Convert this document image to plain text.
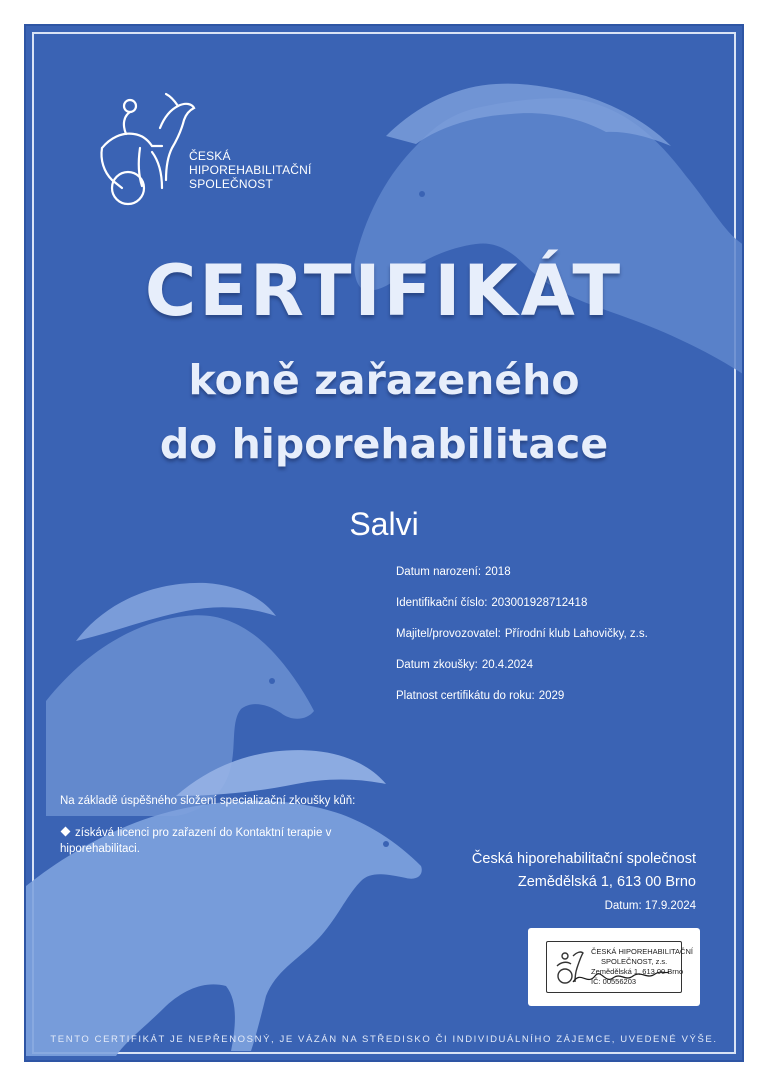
ČESKÁ
HIPOREHABILITAČNÍ
SPOLEČNOST
CERTIFIKÁT
koně zařazeného
do hiporehabilitace
Salvi
Datum narození: 2018
Identifikační číslo: 203001928712418
Majitel/provozovatel: Přírodní klub Lahovičky, z.s.
Datum zkoušky: 20.4.2024
Platnost certifikátu do roku: 2029
Na základě úspěšného složení specializační zkoušky kůň:
získává licenci pro zařazení do Kontaktní terapie v hiporehabilitaci.
Česká hiporehabilitační společnost
Zemědělská 1, 613 00 Brno
Datum: 17.9.2024
ČESKÁ HIPOREHABILITAČNÍ
SPOLEČNOST, z.s.
Zemědělská 1, 613 00 Brno
IČ: 00556203
TENTO CERTIFIKÁT JE NEPŘENOSNÝ, JE VÁZÁN NA STŘEDISKO ČI INDIVIDUÁLNÍHO ZÁJEMCE, UVEDENÉ VÝŠE.
